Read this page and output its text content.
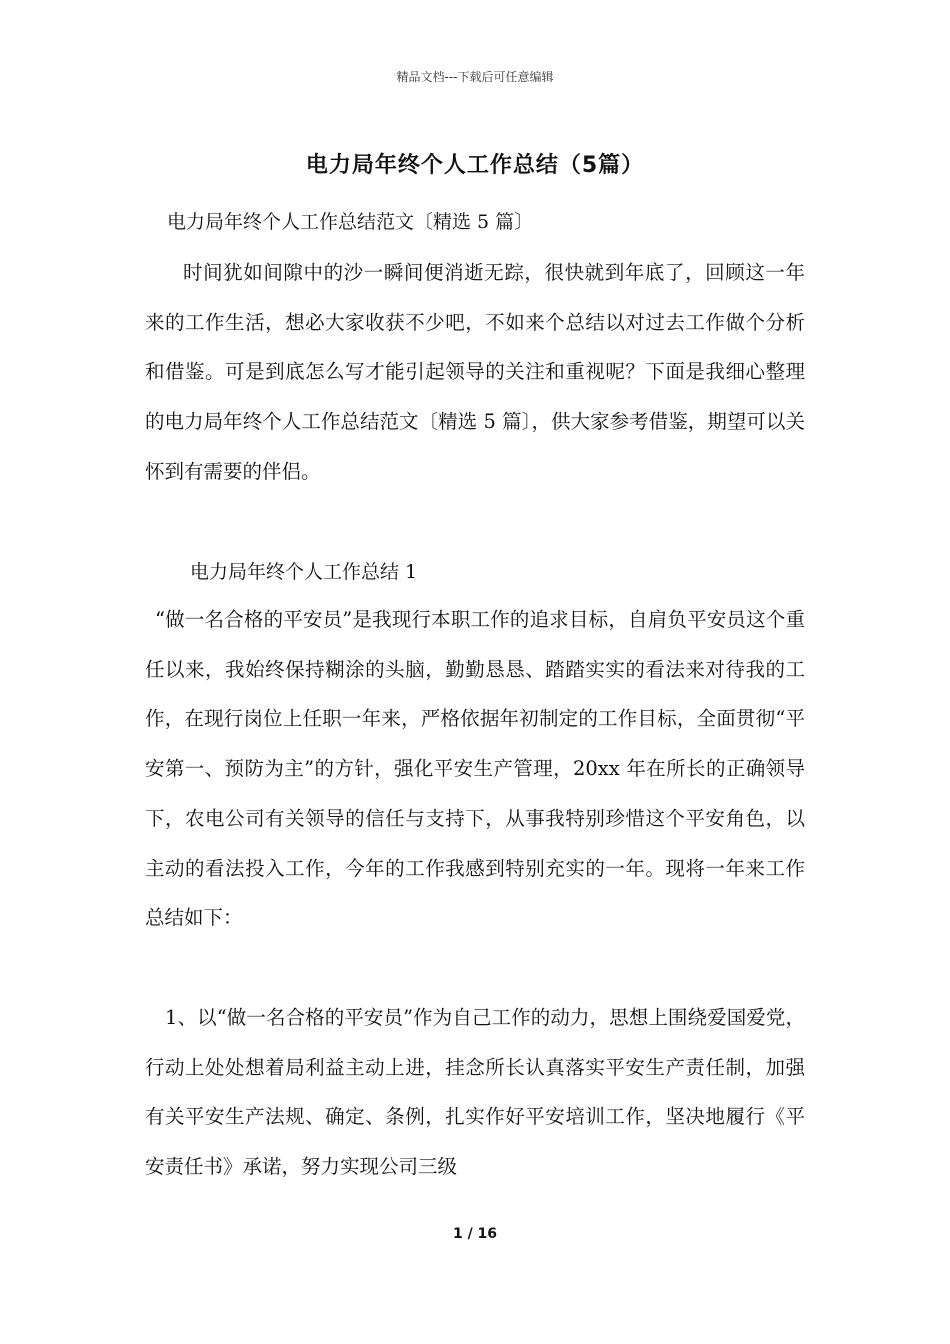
精品文档---下载后可任意编辑
电力局年终个人工作总结（5篇）
电力局年终个人工作总结范文〔精选 5 篇〕

时间犹如间隙中的沙一瞬间便消逝无踪，很快就到年底了，回顾这一年来的工作生活，想必大家收获不少吧，不如来个总结以对过去工作做个分析和借鉴。可是到底怎么写才能引起领导的关注和重视呢？下面是我细心整理的电力局年终个人工作总结范文〔精选 5 篇〕，供大家参考借鉴，期望可以关怀到有需要的伴侣。

电力局年终个人工作总结 1

“做一名合格的平安员”是我现行本职工作的追求目标，自肩负平安员这个重任以来，我始终保持糊涂的头脑，勤勤恳恳、踏踏实实的看法来对待我的工作，在现行岗位上任职一年来，严格依据年初制定的工作目标，全面贯彻“平安第一、预防为主”的方针，强化平安生产管理，20xx 年在所长的正确领导下，农电公司有关领导的信任与支持下，从事我特别珍惜这个平安角色，以主动的看法投入工作，今年的工作我感到特别充实的一年。现将一年来工作总结如下：

1、以“做一名合格的平安员”作为自己工作的动力，思想上围绕爱国爱党，行动上处处想着局利益主动上进，挂念所长认真落实平安生产责任制，加强有关平安生产法规、确定、条例，扎实作好平安培训工作，坚决地履行《平安责任书》承诺，努力实现公司三级

1 / 16
